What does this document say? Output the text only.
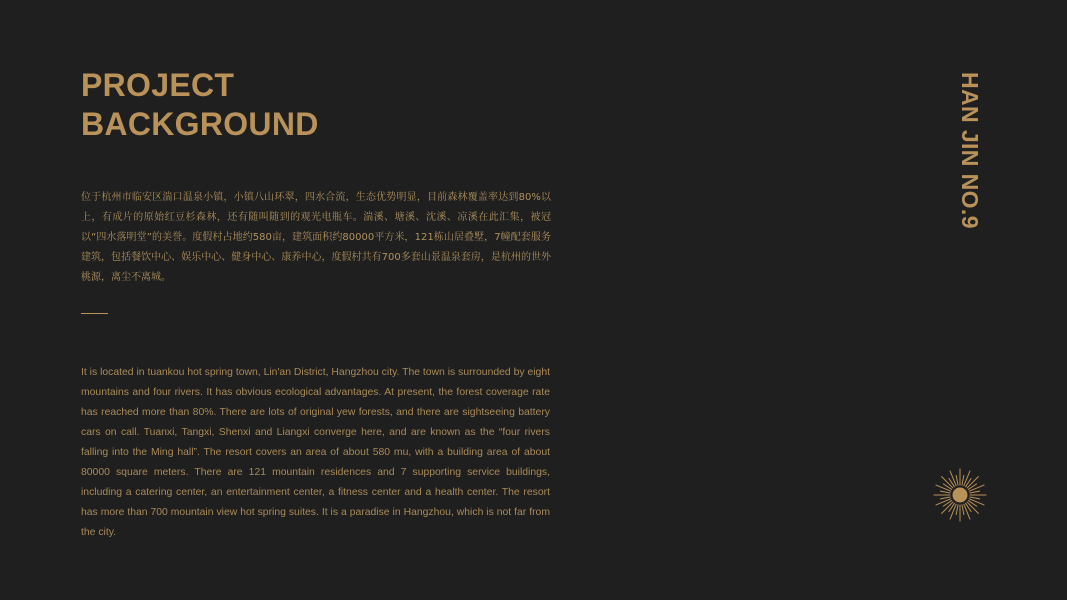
PROJECT
BACKGROUND

位于杭州市临安区湍口温泉小镇，小镇八山环翠，四水合流，生态优势明显，目前森林覆盖率达到80%以上，有成片的原始红豆杉森林，还有随叫随到的观光电瓶车。湍溪、塘溪、沈溪、凉溪在此汇集，被冠以“四水落明堂”的美誉。度假村占地约580亩，建筑面积约80000平方米，121栋山居叠墅，7幢配套服务建筑，包括餐饮中心、娱乐中心、健身中心、康养中心，度假村共有700多套山景温泉套房，是杭州的世外桃源，离尘不离城。

It is located in tuankou hot spring town, Lin'an District, Hangzhou city. The town is surrounded by eight mountains and four rivers. It has obvious ecological advantages. At present, the forest coverage rate has reached more than 80%. There are lots of original yew forests, and there are sightseeing battery cars on call. Tuanxi, Tangxi, Shenxi and Liangxi converge here, and are known as the “four rivers falling into the Ming hall”. The resort covers an area of about 580 mu, with a building area of about 80000 square meters. There are 121 mountain residences and 7 supporting service buildings, including a catering center, an entertainment center, a fitness center and a health center. The resort has more than 700 mountain view hot spring suites. It is a paradise in Hangzhou, which is not far from the city.

HAN JIN NO.9
